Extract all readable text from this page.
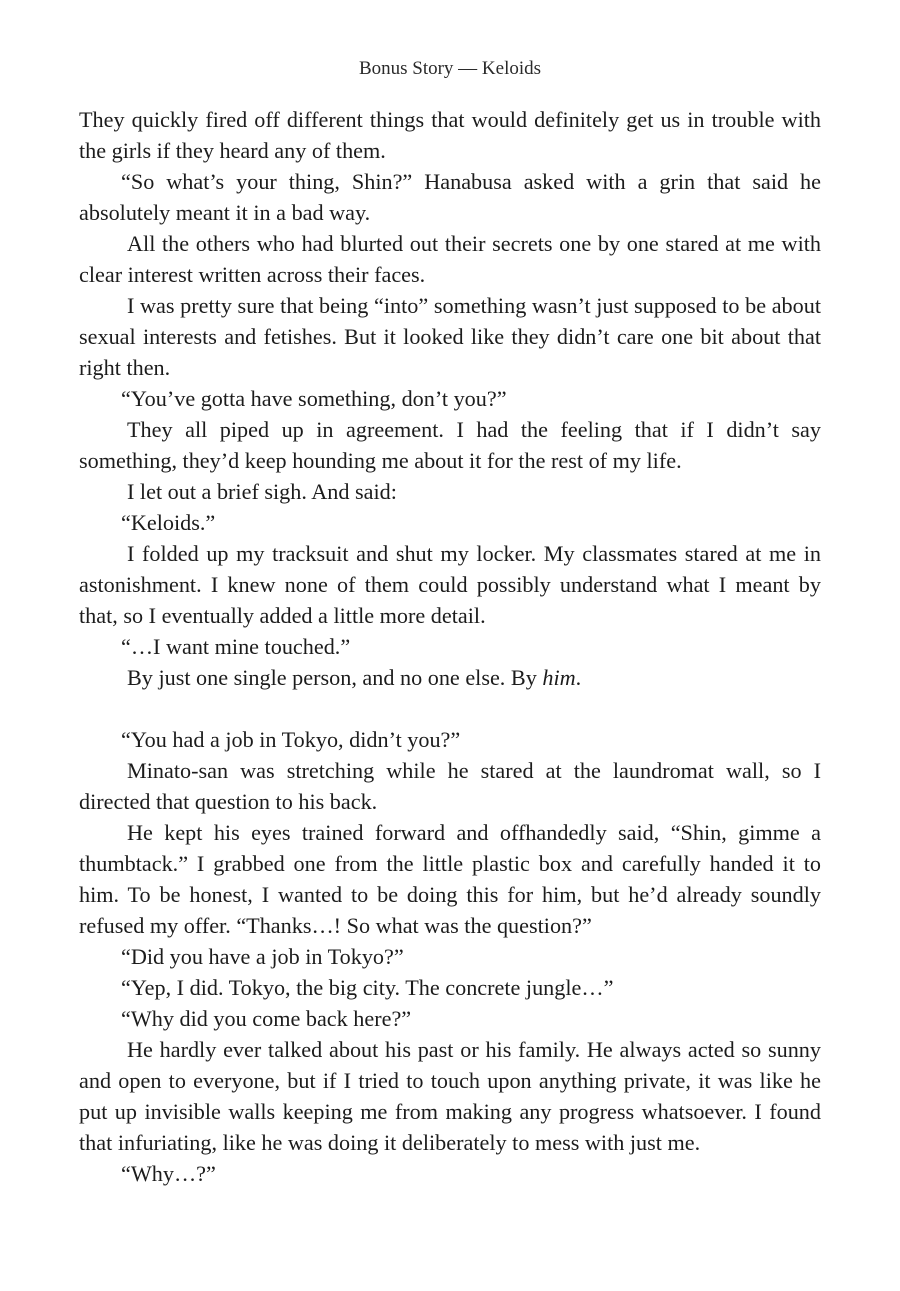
Bonus Story — Keloids

They quickly fired off different things that would definitely get us in trouble with the girls if they heard any of them.

“So what’s your thing, Shin?” Hanabusa asked with a grin that said he absolutely meant it in a bad way.

All the others who had blurted out their secrets one by one stared at me with clear interest written across their faces.

I was pretty sure that being “into” something wasn’t just supposed to be about sexual interests and fetishes. But it looked like they didn’t care one bit about that right then.

“You’ve gotta have something, don’t you?”

They all piped up in agreement. I had the feeling that if I didn’t say something, they’d keep hounding me about it for the rest of my life.

I let out a brief sigh. And said:

“Keloids.”

I folded up my tracksuit and shut my locker. My classmates stared at me in astonishment. I knew none of them could possibly understand what I meant by that, so I eventually added a little more detail.

“…I want mine touched.”

By just one single person, and no one else. By him.

“You had a job in Tokyo, didn’t you?”

Minato-san was stretching while he stared at the laundromat wall, so I directed that question to his back.

He kept his eyes trained forward and offhandedly said, “Shin, gimme a thumbtack.” I grabbed one from the little plastic box and carefully handed it to him. To be honest, I wanted to be doing this for him, but he’d already soundly refused my offer. “Thanks…! So what was the question?”

“Did you have a job in Tokyo?”

“Yep, I did. Tokyo, the big city. The concrete jungle…”

“Why did you come back here?”

He hardly ever talked about his past or his family. He always acted so sunny and open to everyone, but if I tried to touch upon anything private, it was like he put up invisible walls keeping me from making any progress whatsoever. I found that infuriating, like he was doing it deliberately to mess with just me.

“Why…?”
